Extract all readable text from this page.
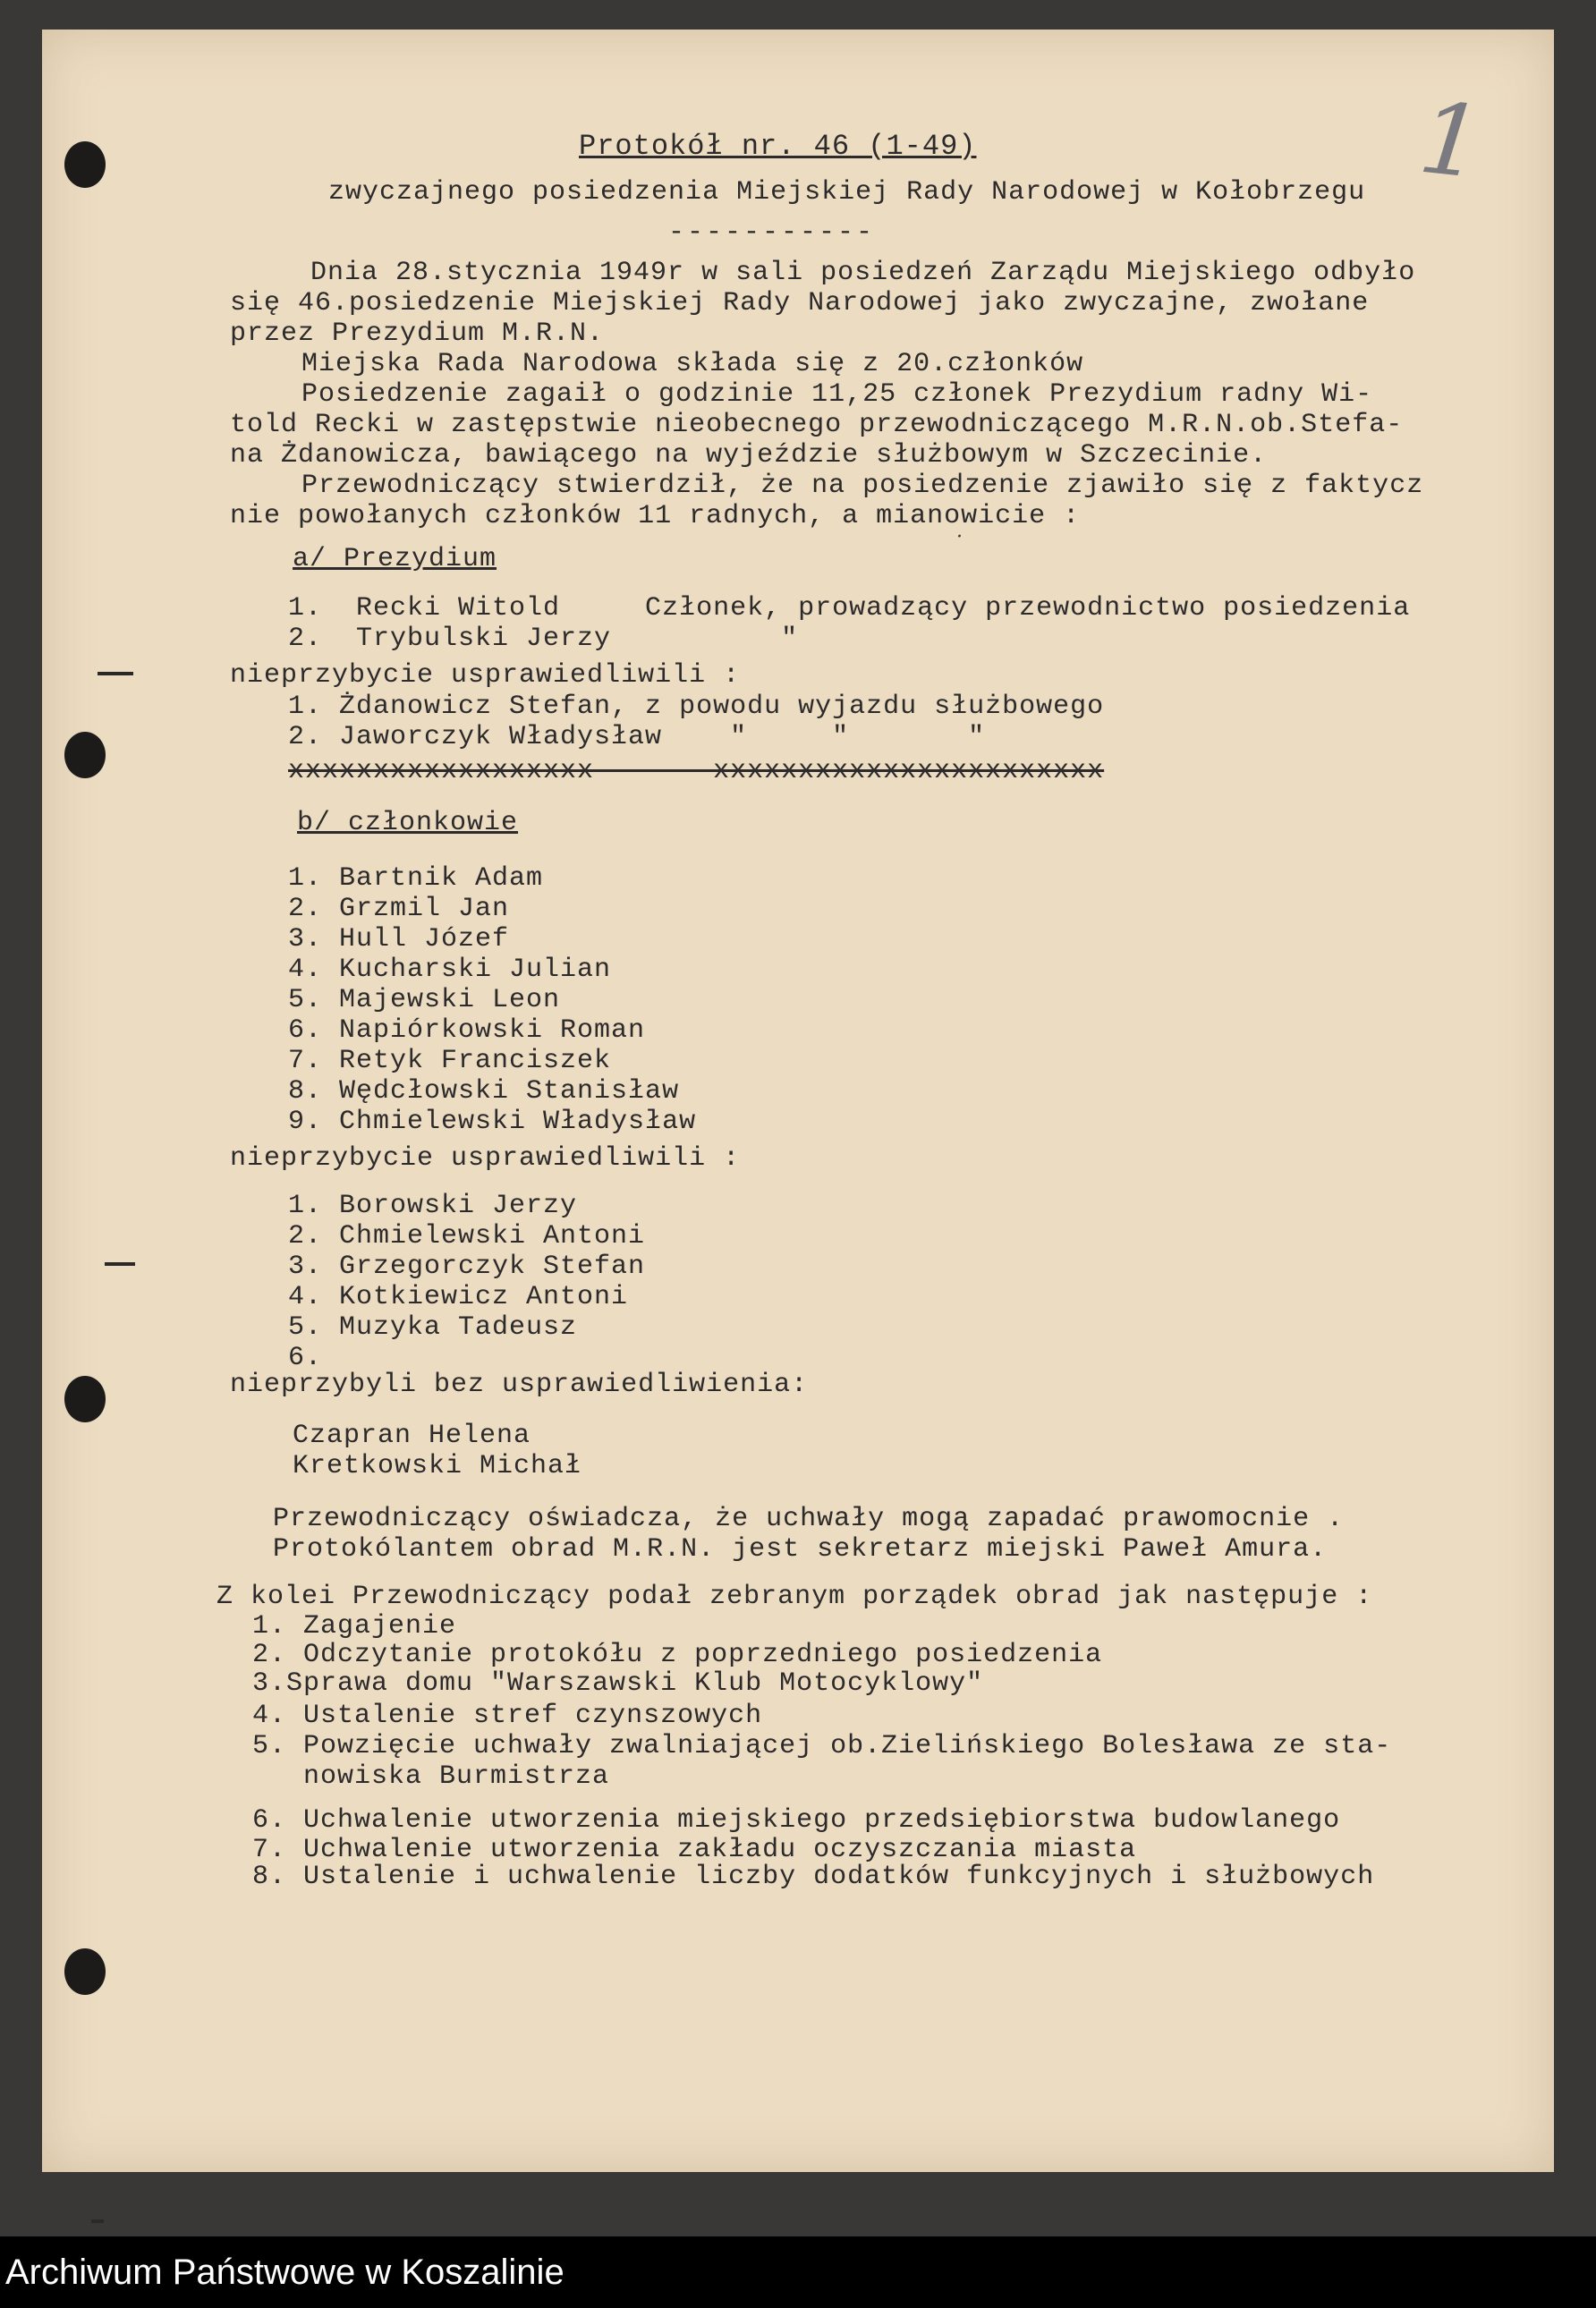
1
Protokół nr. 46 (1-49)
zwyczajnego posiedzenia Miejskiej Rady Narodowej w Kołobrzegu
-----------
Dnia 28.stycznia 1949r w sali posiedzeń Zarządu Miejskiego odbyło
się 46.posiedzenie Miejskiej Rady Narodowej jako zwyczajne, zwołane
przez Prezydium M.R.N.
Miejska Rada Narodowa składa się z 20.członków
Posiedzenie zagaił o godzinie 11,25 członek Prezydium radny Wi-
told Recki w zastępstwie nieobecnego przewodniczącego M.R.N.ob.Stefa-
na Żdanowicza, bawiącego na wyjeździe służbowym w Szczecinie.
Przewodniczący stwierdził, że na posiedzenie zjawiło się z faktycz
nie powołanych członków 11 radnych, a mianowicie :
a/ Prezydium
1.  Recki Witold     Członek, prowadzący przewodnictwo posiedzenia
2.  Trybulski Jerzy          "
nieprzybycie usprawiedliwili :
1. Żdanowicz Stefan, z powodu wyjazdu służbowego
2. Jaworczyk Władysław    "     "       "
xxxxxxxxxxxxxxxxxx       xxxxxxxxxxxxxxxxxxxxxxx
b/ członkowie
1. Bartnik Adam
2. Grzmil Jan
3. Hull Józef
4. Kucharski Julian
5. Majewski Leon
6. Napiórkowski Roman
7. Retyk Franciszek
8. Wędcłowski Stanisław
9. Chmielewski Władysław
nieprzybycie usprawiedliwili :
1. Borowski Jerzy
2. Chmielewski Antoni
3. Grzegorczyk Stefan
4. Kotkiewicz Antoni
5. Muzyka Tadeusz
6.
nieprzybyli bez usprawiedliwienia:
Czapran Helena
Kretkowski Michał
Przewodniczący oświadcza, że uchwały mogą zapadać prawomocnie .
Protokólantem obrad M.R.N. jest sekretarz miejski Paweł Amura.
Z kolei Przewodniczący podał zebranym porządek obrad jak następuje :
1. Zagajenie
2. Odczytanie protokółu z poprzedniego posiedzenia
3.Sprawa domu "Warszawski Klub Motocyklowy"
4. Ustalenie stref czynszowych
5. Powzięcie uchwały zwalniającej ob.Zielińskiego Bolesława ze sta-
nowiska Burmistrza
6. Uchwalenie utworzenia miejskiego przedsiębiorstwa budowlanego
7. Uchwalenie utworzenia zakładu oczyszczania miasta
8. Ustalenie i uchwalenie liczby dodatków funkcyjnych i służbowych
·
Archiwum Państwowe w Koszalinie
